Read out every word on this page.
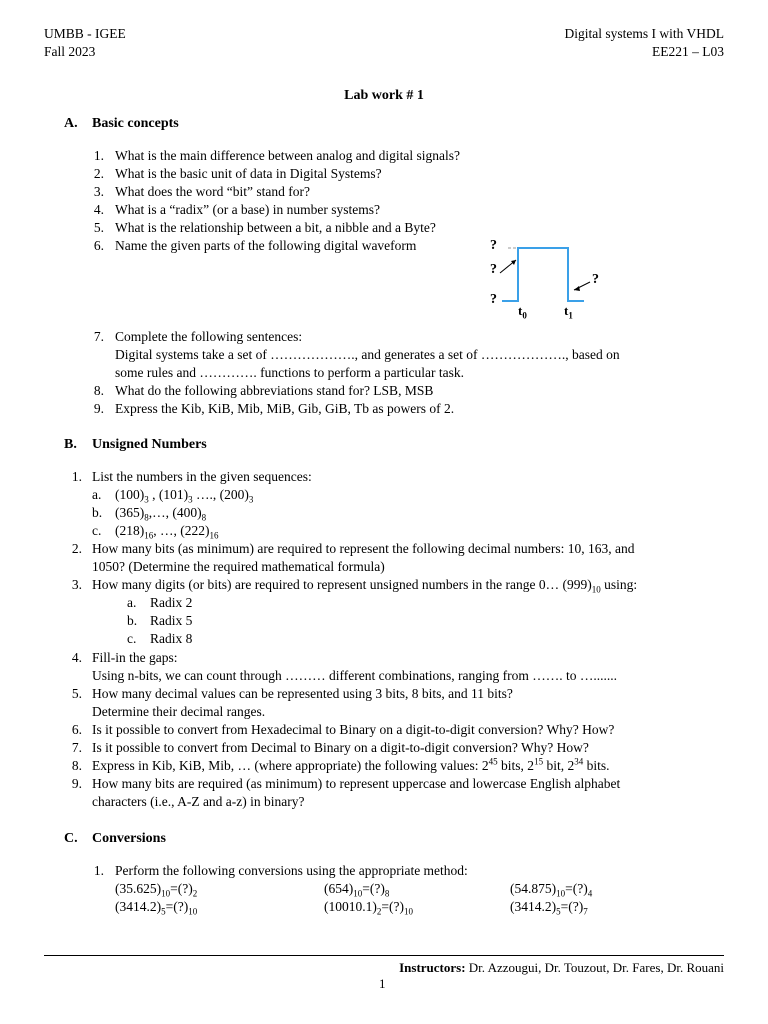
UMBB - IGEE
Fall 2023
Digital systems I with VHDL
EE221 – L03
Lab work # 1
A. Basic concepts
1. What is the main difference between analog and digital signals?
2. What is the basic unit of data in Digital Systems?
3. What does the word “bit” stand for?
4. What is a “radix” (or a base) in number systems?
5. What is the relationship between a bit, a nibble and a Byte?
6. Name the given parts of the following digital waveform	?
?
?
?
$t_0$	$t_1$
7. Complete the following sentences:
Digital systems take a set of ………………., and generates a set of ………………., based on
some rules and …………. functions to perform a particular task.
8. What do the following abbreviations stand for? LSB, MSB
9. Express the Kib, KiB, Mib, MiB, Gib, GiB, Tb as powers of 2.
B. Unsigned Numbers
1. List the numbers in the given sequences:
a. $(100)_3$ , $(101)_3$ …., $(200)_3$
b. $(365)_8,\dots$, $(400)_8$
c. $(218)_{16}$, …, $(222)_{16}$
2. How many bits (as minimum) are required to represent the following decimal numbers: 10, 163, and
1050? (Determine the required mathematical formula)
3. How many digits (or bits) are required to represent unsigned numbers in the range 0… $(999)_{10}$ using:
a. Radix 2
b. Radix 5
c. Radix 8
4. Fill-in the gaps:
Using n-bits, we can count through ……… different combinations, ranging from ……. to ….......
5. How many decimal values can be represented using 3 bits, 8 bits, and 11 bits?
Determine their decimal ranges.
6. Is it possible to convert from Hexadecimal to Binary on a digit-to-digit conversion? Why? How?
7. Is it possible to convert from Decimal to Binary on a digit-to-digit conversion? Why? How?
8. Express in Kib, KiB, Mib, … (where appropriate) the following values: $2^{45}$ bits, $2^{15}$ bit, $2^{34}$ bits.
9. How many bits are required (as minimum) to represent uppercase and lowercase English alphabet
characters (i.e., A-Z and a-z) in binary?
C. Conversions
1. Perform the following conversions using the appropriate method:
$(35.625)_{10}=(?)_2$	$(654)_{10}=(?)_8$	$(54.875)_{10}=(?)_4$
$(3414.2)_5=(?)_{10}$	$(10010.1)_2=(?)_{10}$	$(3414.2)_5=(?)_7$
Instructors: Dr. Azzougui, Dr. Touzout, Dr. Fares, Dr. Rouani
1
